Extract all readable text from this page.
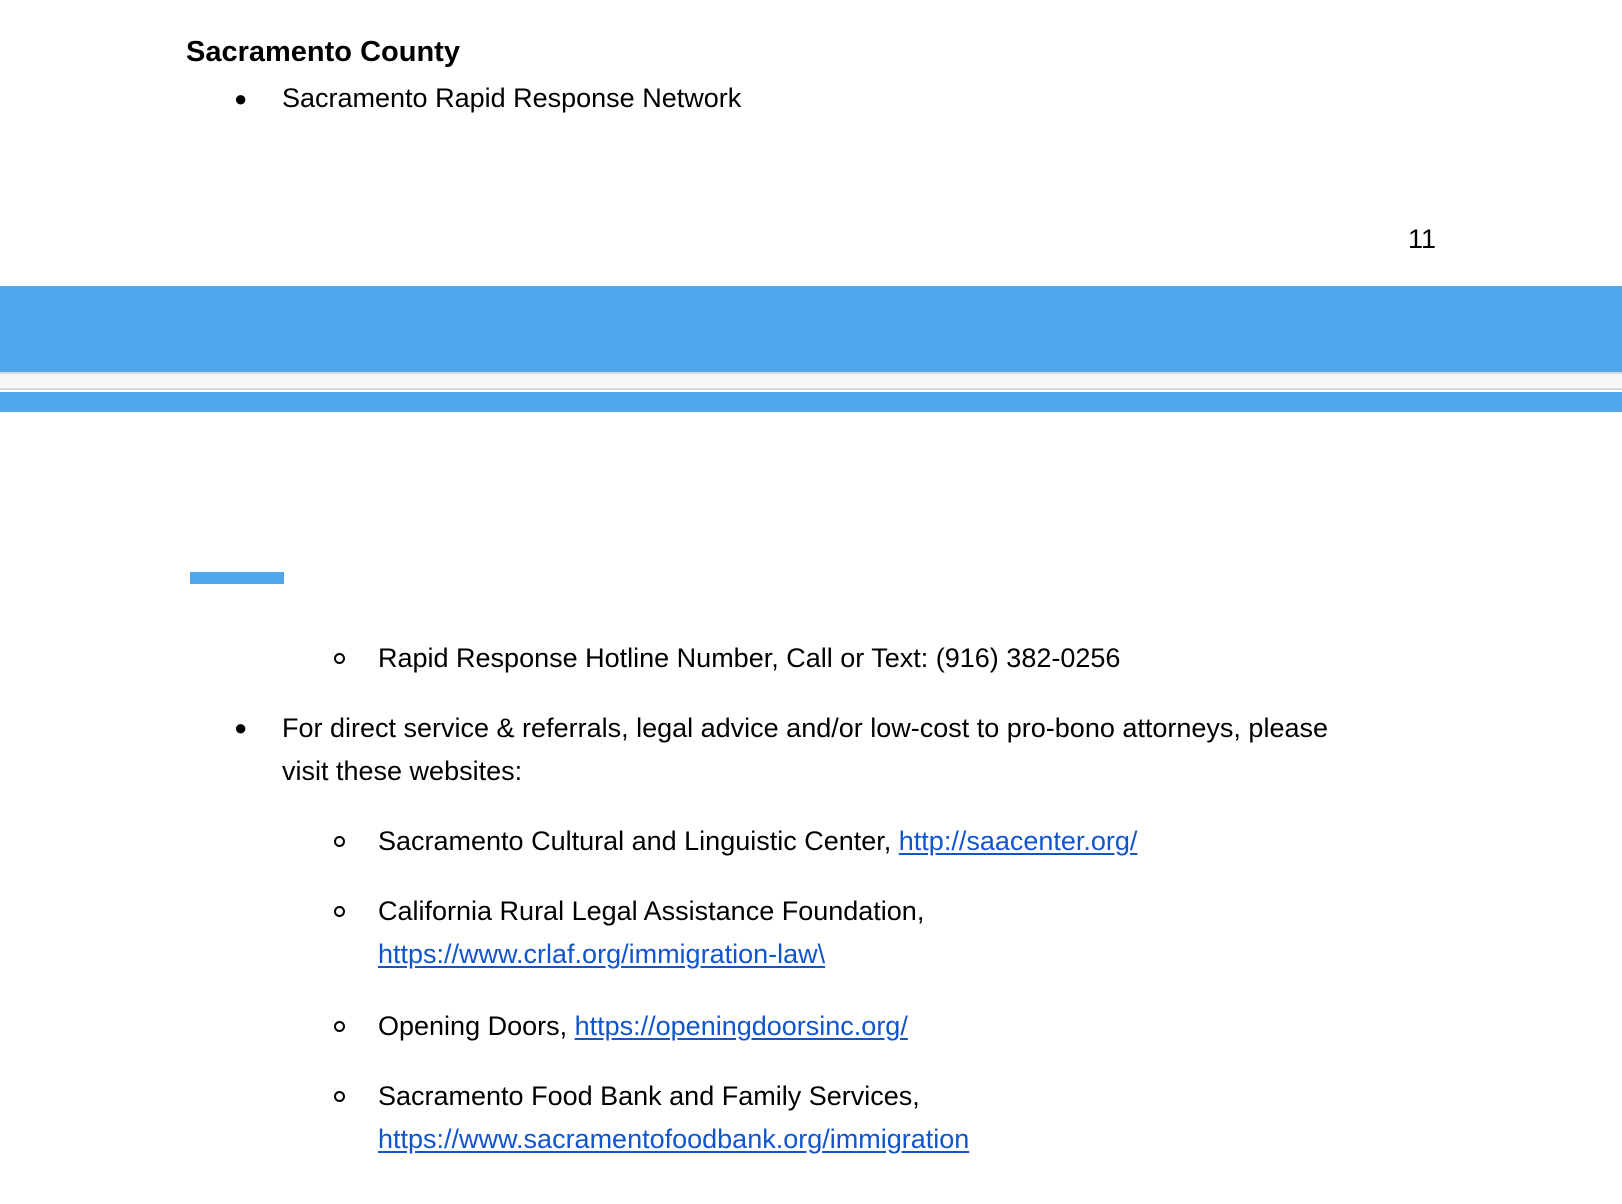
Sacramento County
● Sacramento Rapid Response Network
11
Rapid Response Hotline Number, Call or Text: (916) 382-0256
● For direct service & referrals, legal advice and/or low-cost to pro-bono attorneys, please
visit these websites:
Sacramento Cultural and Linguistic Center, http://saacenter.org/
California Rural Legal Assistance Foundation,
https://www.crlaf.org/immigration-law\
Opening Doors, https://openingdoorsinc.org/
Sacramento Food Bank and Family Services,
https://www.sacramentofoodbank.org/immigration
